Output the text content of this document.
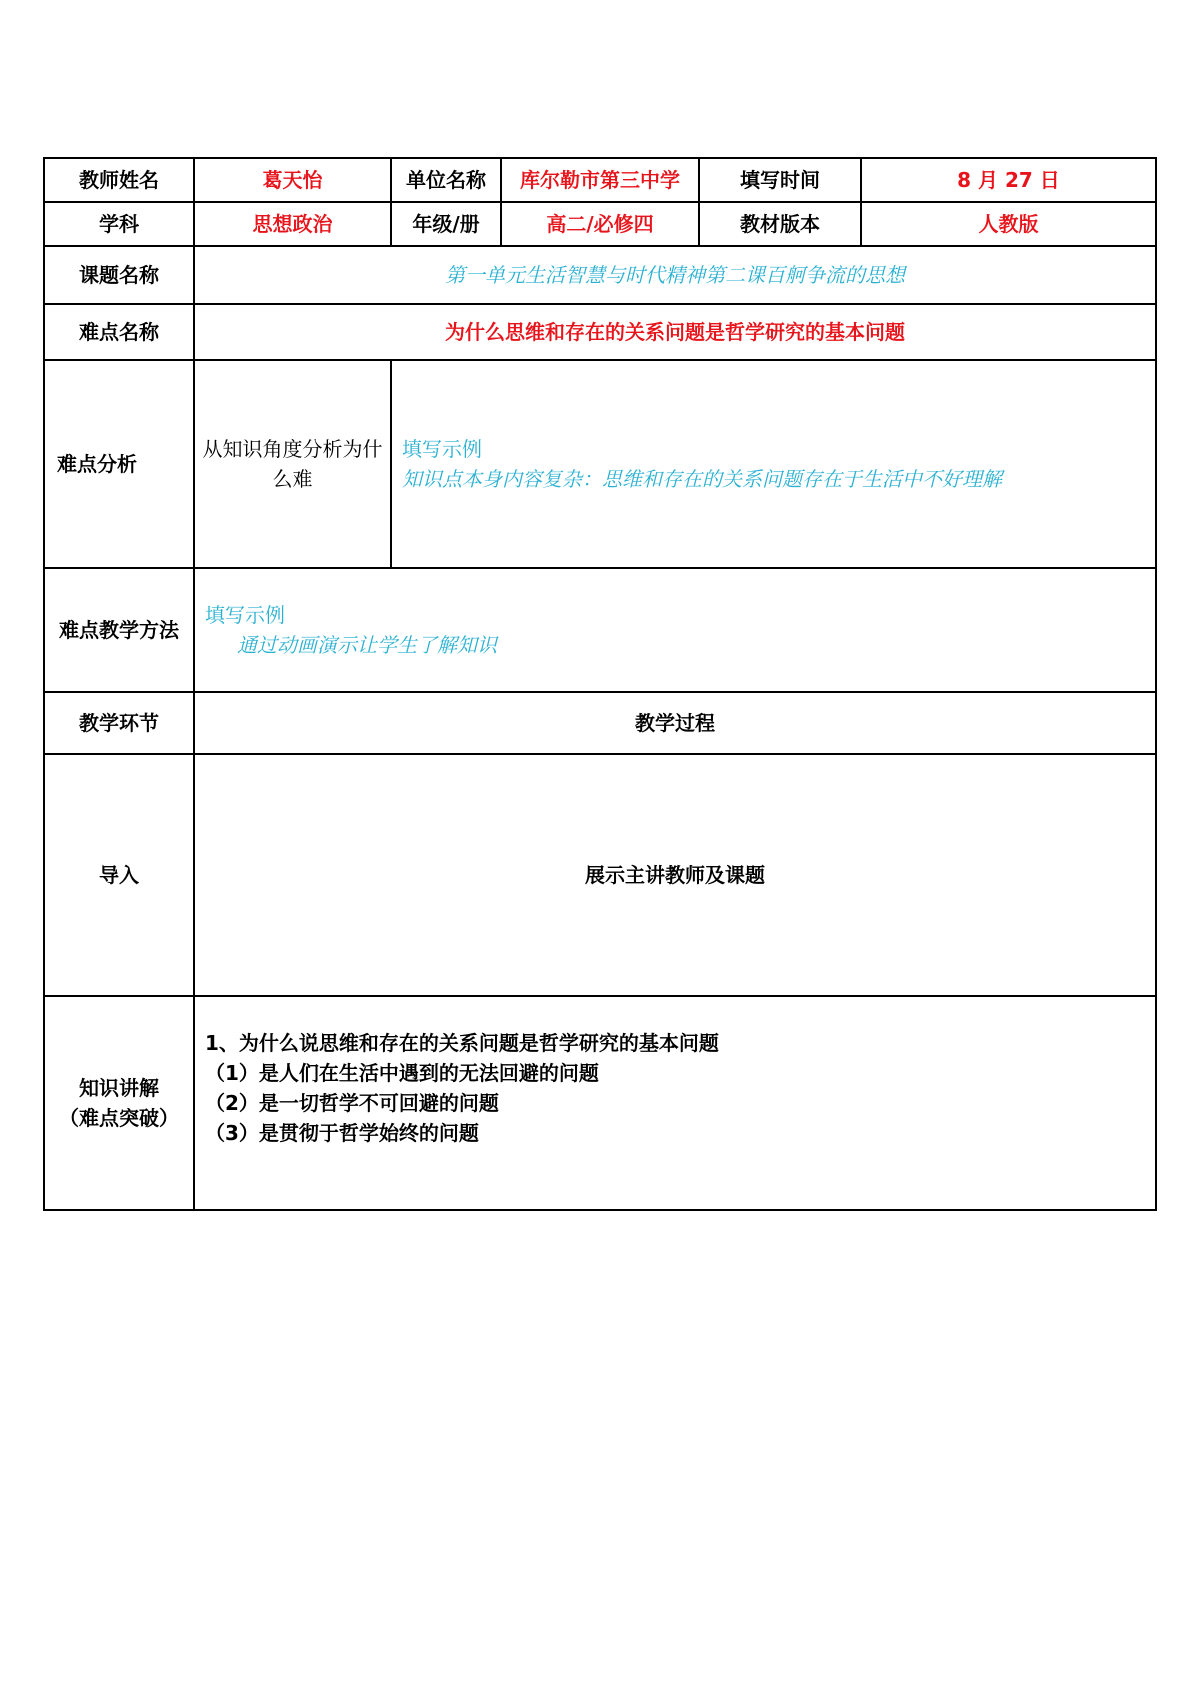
教师姓名	葛天怡	单位名称	库尔勒市第三中学	填写时间	8 月 27 日
学科	思想政治	年级/册	高二/必修四	教材版本	人教版
课题名称	第一单元生活智慧与时代精神第二课百舸争流的思想				
难点名称	为什么思维和存在的关系问题是哲学研究的基本问题				
难点分析	从知识角度分析为什么难	填写示例
知识点本身内容复杂：思维和存在的关系问题存在于生活中不好理解			

难点教学方法	填写示例
通过动画演示让学生了解知识				

教学环节	教学过程				
导入	展示主讲教师及课题				

知识讲解
（难点突破）	1、为什么说思维和存在的关系问题是哲学研究的基本问题
（1）是人们在生活中遇到的无法回避的问题
（2）是一切哲学不可回避的问题
（3）是贯彻于哲学始终的问题				
